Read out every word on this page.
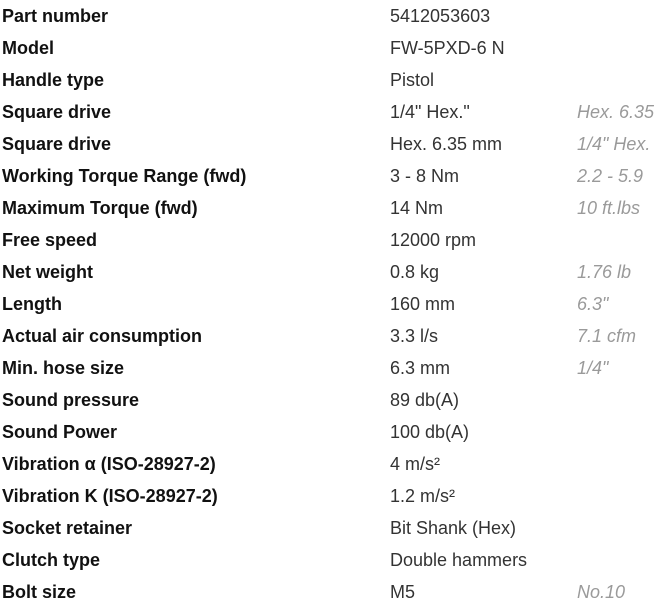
Part number	5412053603
Model	FW-5PXD-6 N
Handle type	Pistol
Square drive	1/4" Hex."	Hex. 6.35
Square drive	Hex. 6.35 mm	1/4" Hex.
Working Torque Range (fwd)	3 - 8 Nm	2.2 - 5.9
Maximum Torque (fwd)	14 Nm	10 ft.lbs
Free speed	12000 rpm
Net weight	0.8 kg	1.76 lb
Length	160 mm	6.3"
Actual air consumption	3.3 l/s	7.1 cfm
Min. hose size	6.3 mm	1/4"
Sound pressure	89 db(A)
Sound Power	100 db(A)
Vibration α (ISO-28927-2)	4 m/s²
Vibration K (ISO-28927-2)	1.2 m/s²
Socket retainer	Bit Shank (Hex)
Clutch type	Double hammers
Bolt size	M5	No.10
